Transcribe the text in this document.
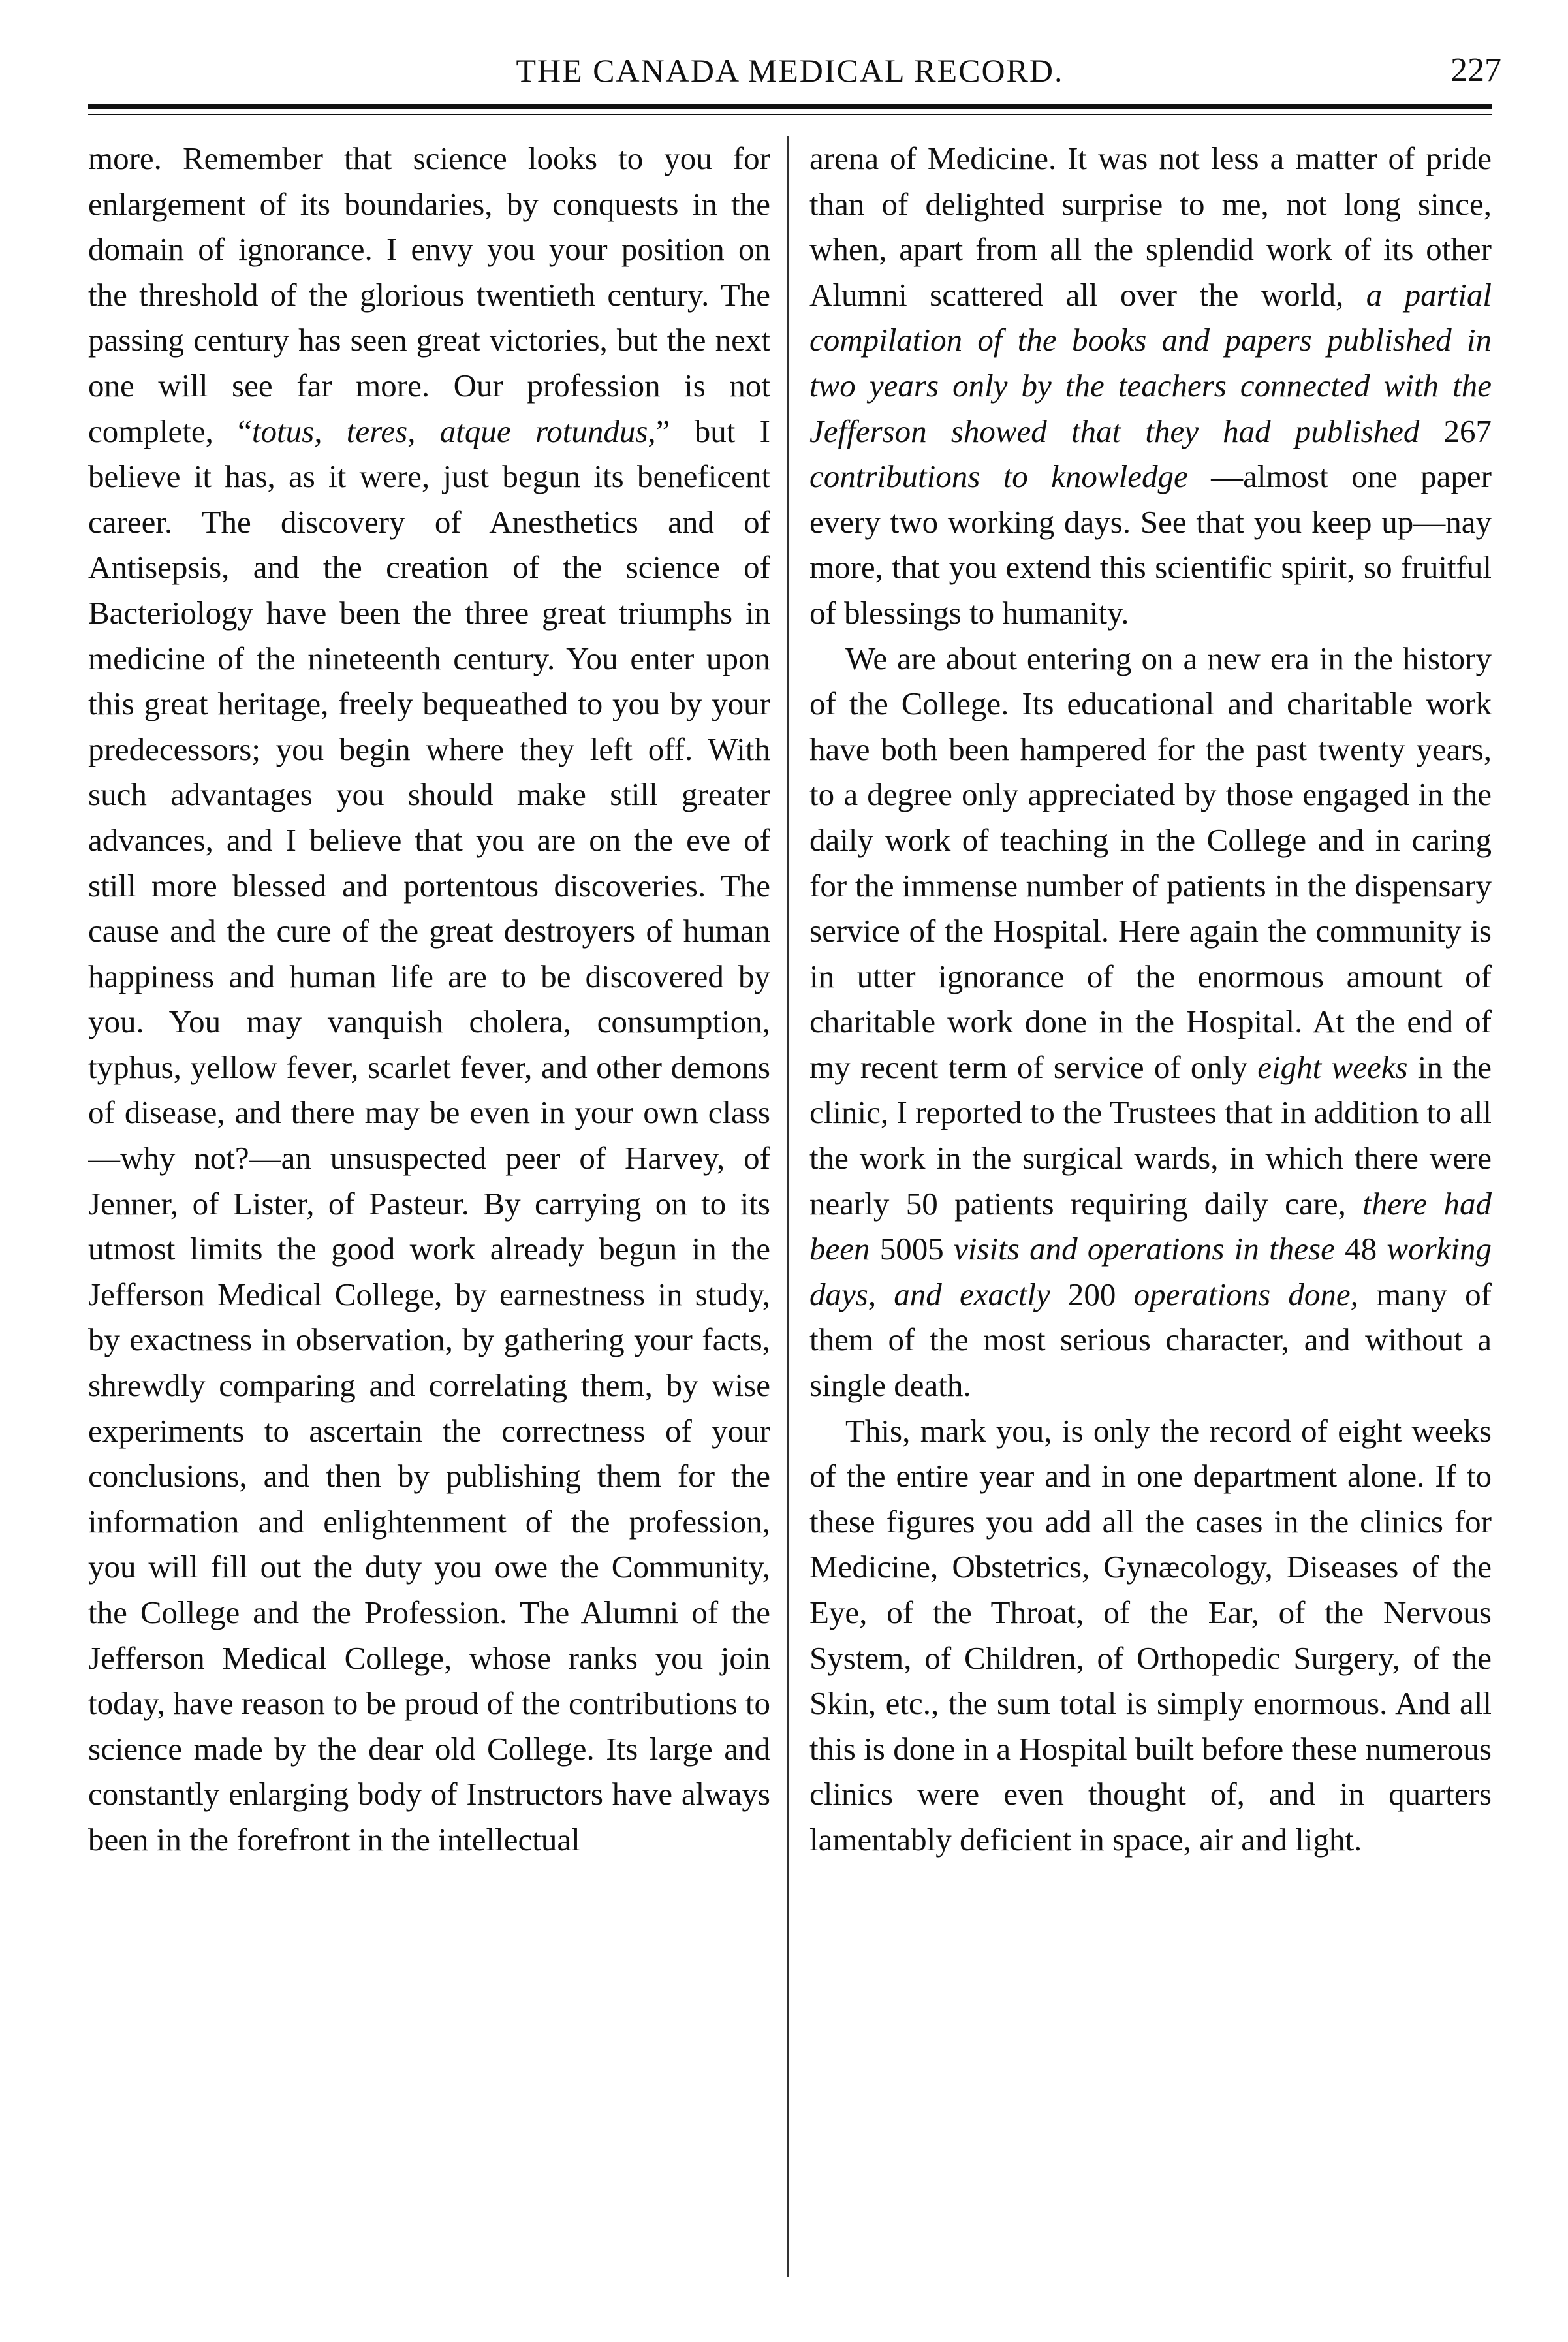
THE CANADA MEDICAL RECORD.	227

more. Remember that science looks to you for enlargement of its boundaries, by conquests in the domain of ignorance. I envy you your position on the threshold of the glorious twentieth century. The passing century has seen great victories, but the next one will see far more. Our profession is not complete, “totus, teres, atque rotundus,” but I believe it has, as it were, just begun its beneficent career. The discovery of Anesthetics and of Antisepsis, and the creation of the science of Bacteriology have been the three great triumphs in medicine of the nineteenth century. You enter upon this great heritage, freely bequeathed to you by your predecessors; you begin where they left off. With such advantages you should make still greater advances, and I believe that you are on the eve of still more blessed and portentous discoveries. The cause and the cure of the great destroyers of human happiness and human life are to be discovered by you. You may vanquish cholera, consumption, typhus, yellow fever, scarlet fever, and other demons of disease, and there may be even in your own class —why not?—an unsuspected peer of Harvey, of Jenner, of Lister, of Pasteur. By carrying on to its utmost limits the good work already begun in the Jefferson Medical College, by earnestness in study, by exactness in observation, by gathering your facts, shrewdly comparing and correlating them, by wise experiments to ascertain the correctness of your conclusions, and then by publishing them for the information and enlightenment of the profession, you will fill out the duty you owe the Community, the College and the Profession. The Alumni of the Jefferson Medical College, whose ranks you join today, have reason to be proud of the contributions to science made by the dear old College. Its large and constantly enlarging body of Instructors have always been in the forefront in the intellectual

arena of Medicine. It was not less a matter of pride than of delighted surprise to me, not long since, when, apart from all the splendid work of its other Alumni scattered all over the world, a partial compilation of the books and papers published in two years only by the teachers connected with the Jefferson showed that they had published 267 contributions to knowledge —almost one paper every two working days. See that you keep up—nay more, that you extend this scientific spirit, so fruitful of blessings to humanity.

We are about entering on a new era in the history of the College. Its educational and charitable work have both been hampered for the past twenty years, to a degree only appreciated by those engaged in the daily work of teaching in the College and in caring for the immense number of patients in the dispensary service of the Hospital. Here again the community is in utter ignorance of the enormous amount of charitable work done in the Hospital. At the end of my recent term of service of only eight weeks in the clinic, I reported to the Trustees that in addition to all the work in the surgical wards, in which there were nearly 50 patients requiring daily care, there had been 5005 visits and operations in these 48 working days, and exactly 200 operations done, many of them of the most serious character, and without a single death.

This, mark you, is only the record of eight weeks of the entire year and in one department alone. If to these figures you add all the cases in the clinics for Medicine, Obstetrics, Gynæcology, Diseases of the Eye, of the Throat, of the Ear, of the Nervous System, of Children, of Orthopedic Surgery, of the Skin, etc., the sum total is simply enormous. And all this is done in a Hospital built before these numerous clinics were even thought of, and in quarters lamentably deficient in space, air and light.
